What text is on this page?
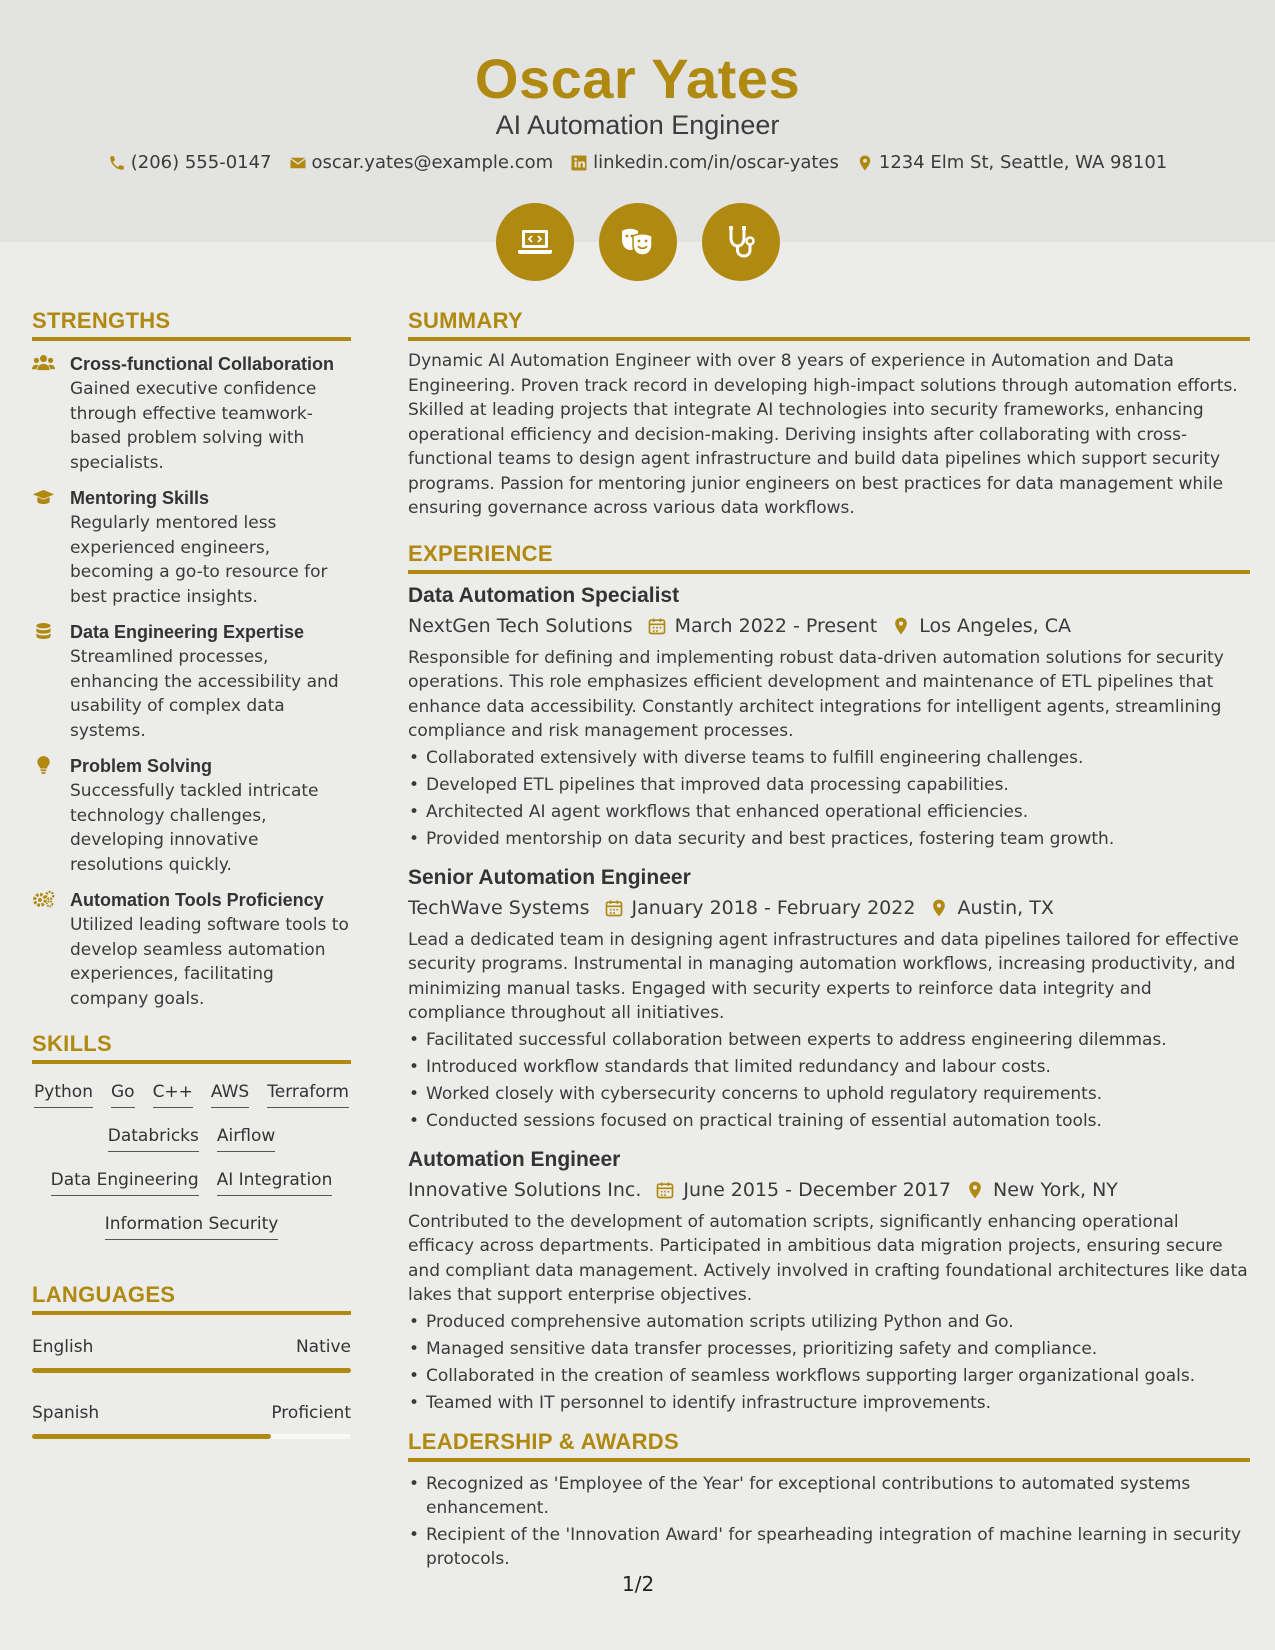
Oscar Yates
AI Automation Engineer
(206) 555-0147 oscar.yates@example.com linkedin.com/in/oscar-yates 1234 Elm St, Seattle, WA 98101
STRENGTHS
Cross-functional Collaboration
Gained executive confidence through effective teamwork-based problem solving with specialists.
Mentoring Skills
Regularly mentored less experienced engineers, becoming a go-to resource for best practice insights.
Data Engineering Expertise
Streamlined processes, enhancing the accessibility and usability of complex data systems.
Problem Solving
Successfully tackled intricate technology challenges, developing innovative resolutions quickly.
Automation Tools Proficiency
Utilized leading software tools to develop seamless automation experiences, facilitating company goals.
SKILLS
Python Go C++ AWS Terraform
Databricks Airflow
Data Engineering AI Integration
Information Security
LANGUAGES
English	Native
Spanish	Proficient
SUMMARY
Dynamic AI Automation Engineer with over 8 years of experience in Automation and Data Engineering. Proven track record in developing high-impact solutions through automation efforts. Skilled at leading projects that integrate AI technologies into security frameworks, enhancing operational efficiency and decision-making. Deriving insights after collaborating with cross-functional teams to design agent infrastructure and build data pipelines which support security programs. Passion for mentoring junior engineers on best practices for data management while ensuring governance across various data workflows.
EXPERIENCE
Data Automation Specialist
NextGen Tech Solutions March 2022 - Present Los Angeles, CA
Responsible for defining and implementing robust data-driven automation solutions for security operations. This role emphasizes efficient development and maintenance of ETL pipelines that enhance data accessibility. Constantly architect integrations for intelligent agents, streamlining compliance and risk management processes.
• Collaborated extensively with diverse teams to fulfill engineering challenges.
• Developed ETL pipelines that improved data processing capabilities.
• Architected AI agent workflows that enhanced operational efficiencies.
• Provided mentorship on data security and best practices, fostering team growth.
Senior Automation Engineer
TechWave Systems January 2018 - February 2022 Austin, TX
Lead a dedicated team in designing agent infrastructures and data pipelines tailored for effective security programs. Instrumental in managing automation workflows, increasing productivity, and minimizing manual tasks. Engaged with security experts to reinforce data integrity and compliance throughout all initiatives.
• Facilitated successful collaboration between experts to address engineering dilemmas.
• Introduced workflow standards that limited redundancy and labour costs.
• Worked closely with cybersecurity concerns to uphold regulatory requirements.
• Conducted sessions focused on practical training of essential automation tools.
Automation Engineer
Innovative Solutions Inc. June 2015 - December 2017 New York, NY
Contributed to the development of automation scripts, significantly enhancing operational efficacy across departments. Participated in ambitious data migration projects, ensuring secure and compliant data management. Actively involved in crafting foundational architectures like data lakes that support enterprise objectives.
• Produced comprehensive automation scripts utilizing Python and Go.
• Managed sensitive data transfer processes, prioritizing safety and compliance.
• Collaborated in the creation of seamless workflows supporting larger organizational goals.
• Teamed with IT personnel to identify infrastructure improvements.
LEADERSHIP & AWARDS
• Recognized as 'Employee of the Year' for exceptional contributions to automated systems enhancement.
• Recipient of the 'Innovation Award' for spearheading integration of machine learning in security protocols.
1/2
